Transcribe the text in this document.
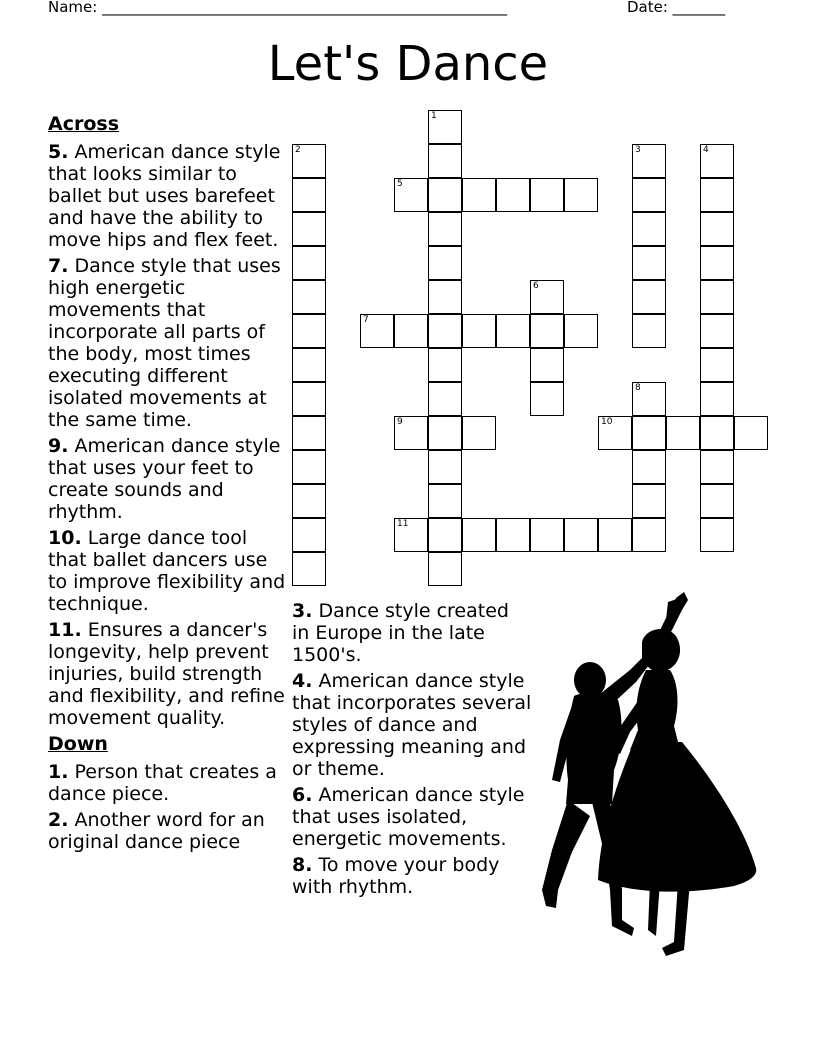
Name: ______________________________________________________	Date: _______
Let's Dance
Across
5. American dance style that looks similar to ballet but uses barefeet and have the ability to move hips and flex feet.
7. Dance style that uses high energetic movements that incorporate all parts of the body, most times executing different isolated movements at the same time.
9. American dance style that uses your feet to create sounds and rhythm.
10. Large dance tool that ballet dancers use to improve flexibility and technique.
11. Ensures a dancer's longevity, help prevent injuries, build strength and flexibility, and refine movement quality.
Down
1. Person that creates a dance piece.
2. Another word for an original dance piece
3. Dance style created in Europe in the late 1500's.
4. American dance style that incorporates several styles of dance and expressing meaning and or theme.
6. American dance style that uses isolated, energetic movements.
8. To move your body with rhythm.
1
2	3	4
5
6
7
8
9	10
11
